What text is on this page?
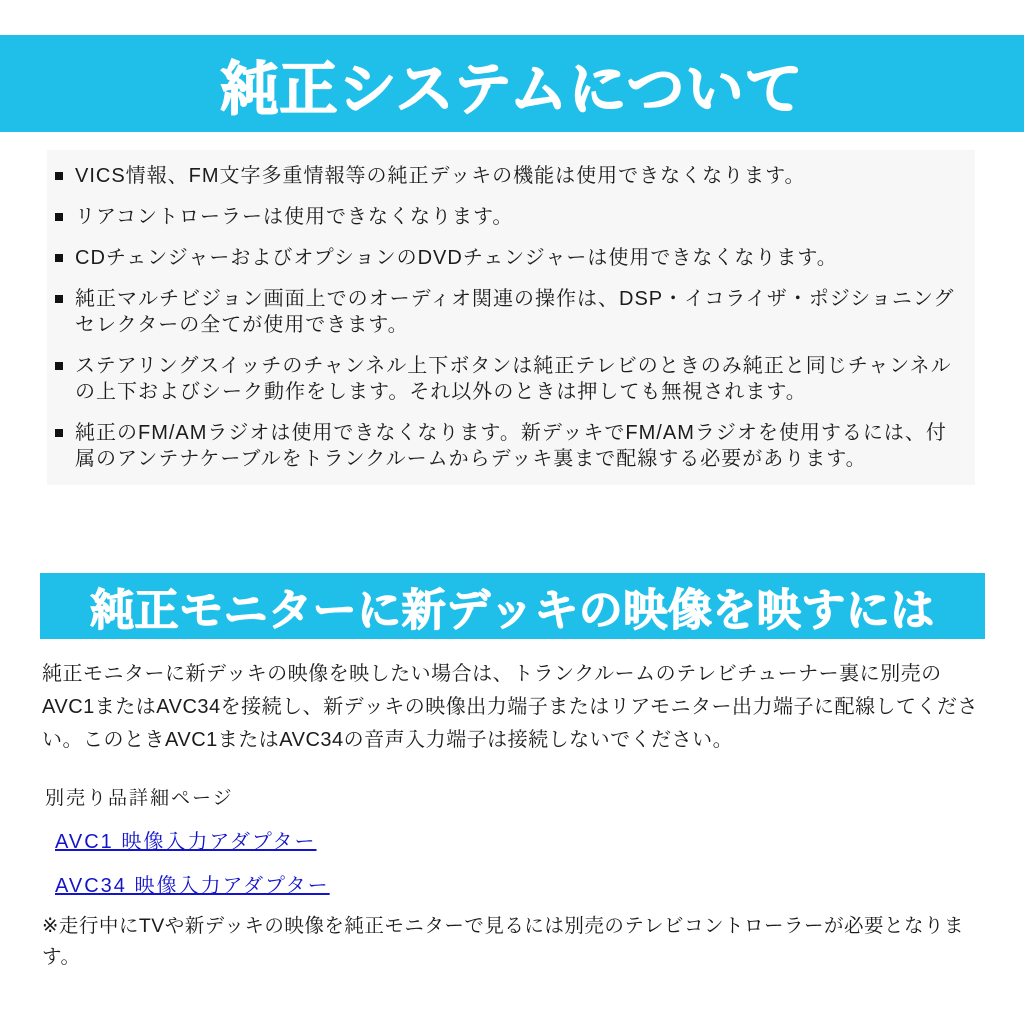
純正システムについて
VICS情報、FM文字多重情報等の純正デッキの機能は使用できなくなります。
リアコントローラーは使用できなくなります。
CDチェンジャーおよびオプションのDVDチェンジャーは使用できなくなります。
純正マルチビジョン画面上でのオーディオ関連の操作は、DSP・イコライザ・ポジショニングセレクターの全てが使用できます。
ステアリングスイッチのチャンネル上下ボタンは純正テレビのときのみ純正と同じチャンネルの上下およびシーク動作をします。それ以外のときは押しても無視されます。
純正のFM/AMラジオは使用できなくなります。新デッキでFM/AMラジオを使用するには、付属のアンテナケーブルをトランクルームからデッキ裏まで配線する必要があります。
純正モニターに新デッキの映像を映すには

純正モニターに新デッキの映像を映したい場合は、トランクルームのテレビチューナー裏に別売のAVC1またはAVC34を接続し、新デッキの映像出力端子またはリアモニター出力端子に配線してください。このときAVC1またはAVC34の音声入力端子は接続しないでください。

別売り品詳細ページ
AVC1 映像入力アダプター
AVC34 映像入力アダプター

※走行中にTVや新デッキの映像を純正モニターで見るには別売のテレビコントローラーが必要となります。
